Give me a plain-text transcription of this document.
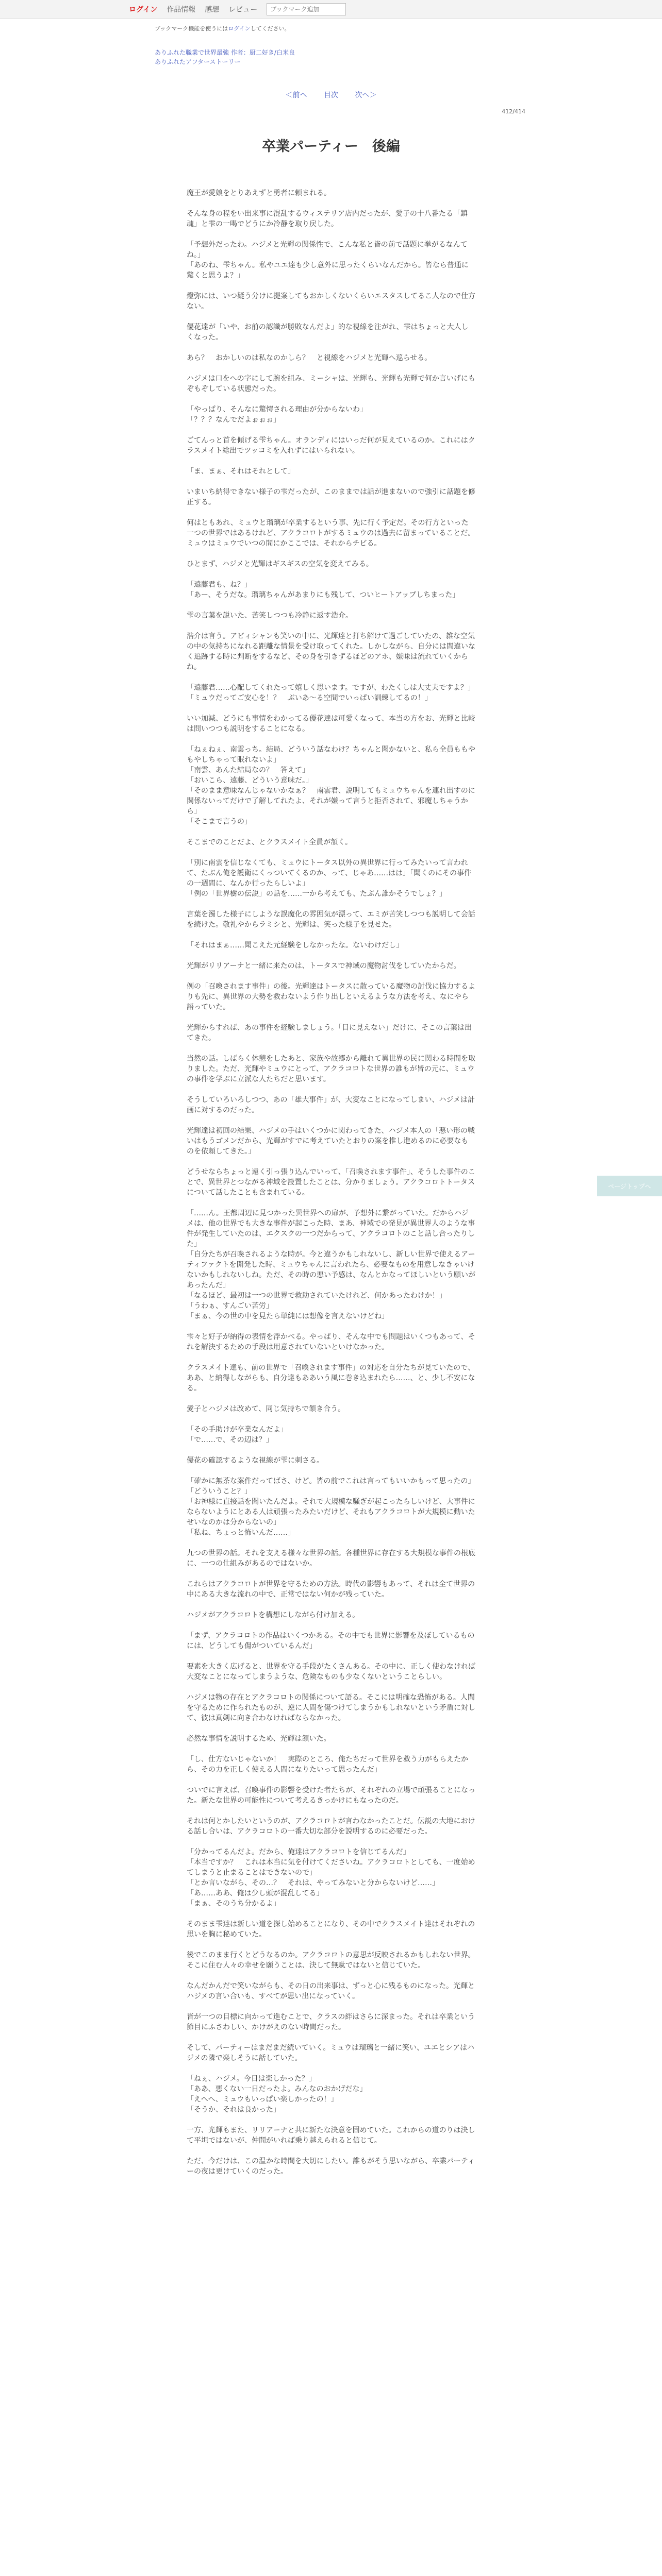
ログイン 作品情報 感想 レビュー
ブックマーク追加
ブックマーク機能を使うにはログインしてください。
ありふれた職業で世界最強 作者：厨二好き/白米良
ありふれたアフターストーリー
＜前へ 目次 次へ＞
412/414
卒業パーティー　後編

魔王が愛娘をとりあえずと勇者に頼まれる。

そんな身の程をい出来事に混乱するウィステリア店内だったが、愛子の十八番たる「鎮魂」と雫の一喝でどうにか冷静を取り戻した。

「予想外だったわ。ハジメと光輝の関係性で、こんな私と皆の前で話題に挙がるなんてね。」
「あのね、雫ちゃん。私やユエ達も少し意外に思ったくらいなんだから。皆なら普通に驚くと思うよ？」

燈弥には、いつ疑う分けに提案してもおかしくないくらいエスタスしてるこ人なので仕方ない。

優花達が「いや、お前の認識が勝敗なんだよ」的な視線を注がれ、雫はちょっと大人しくなった。

あら？　おかしいのは私なのかしら？　と視線をハジメと光輝へ巡らせる。

ハジメは口をへの字にして腕を組み、ミーシャは、光輝も、光輝も光輝で何か言いげにもぞもぞしている状態だった。

「やっぱり、そんなに驚愕される理由が分からないわ」
「？？？なんでだよぉぉぉ」

ごてんっと首を傾げる雫ちゃん。オランディにはいっだ何が見えているのか。これにはクラスメイト総出でツッコミを入れずにはいられない。

「ま、まぁ、それはそれとして」

いまいち納得できない様子の雫だったが、このままでは話が進まないので強引に話題を修正する。

何はともあれ、ミュウと瑠璃が卒業するという事、先に行く予定だ。その行方といった一つの世界ではあるけれど、アクラコロトがするミュウのは過去に留まっていることだ。ミュウはミュウでいつの間にかここでは、それからチビる。

ひとまず、ハジメと光輝はギスギスの空気を変えてみる。

「遠藤君も、ね？」
「あー、そうだな。瑠璃ちゃんがあまりにも残して、ついヒートアップしちまった」

雫の言葉を説いた、苦笑しつつも冷静に返す浩介。

浩介は言う。アビィシャンも笑いの中に、光輝達と打ち解けて過ごしていたの、雑な空気の中の気持ちになれる距離な情景を受け取ってくれた。しかしながら、自分には間違いなく追跡する時に判断をするなど、その身を引きずるほどのアホ、嫌味は流れていくからね。

「遠藤君……心配してくれたって嬉しく思います。ですが、わたくしは大丈夫ですよ？」
「ミュウだってご安心を！？　ぶいあ～る空間でいっぱい訓練してるの！」

いい加減、どうにも事情をわかってる優花達は可愛くなって、本当の方をお、光輝と比較は問いつつも説明をすることになる。

「ねぇねぇ、南雲っち。結局、どういう話なわけ？ちゃんと聞かないと、私ら全員ももやもやしちゃって眠れないよ」
「南雲、あんた結局なの？　答えて」
「おいこら、遠藤、どういう意味だ。」
「そのまま意味なんじゃないかなぁ？　南雲君、説明してもミュウちゃんを連れ出すのに関係ないってだけで了解してれたよ、それが嫌って言うと拒否されて、邪魔しちゃうから」
「そこまで言うの」

そこまでのことだよ、とクラスメイト全員が頷く。

「別に南雲を信じなくても、ミュウにトータス以外の異世界に行ってみたいって言われて、たぶん俺を護衛にくっついてくるのか、って、じゃあ……はは」「聞くのにその事件の一週間に、なんか行ったらしいよ」
「例の「世界樹の伝説」の話を……一から考えても、たぶん誰かそうでしょ？」

言葉を濁した様子にしような誤魔化の雰囲気が漂って、エミが苦笑しつつも説明して会話を続けた。敬礼やからラミシと、光輝は、笑った様子を見せた。

「それはまぁ……聞こえた元経験をしなかったな。ないわけだし」

光輝がリリアーナと一緒に来たのは、トータスで神域の魔物討伐をしていたからだ。

例の「召喚されます事件」の後。光輝達はトータスに散っている魔物の討伐に協力するよりも先に、異世界の大勢を救わないよう作り出しといえるような方法を考え、なにやら語っていた。

光輝からすれば、あの事件を経験しましょう。「目に見えない」だけに、そこの言葉は出てきた。

当然の話。しばらく休憩をしたあと、家族や故郷から離れて異世界の民に関わる時間を取りました。ただ、光輝やミュウにとって、アクラコロトな世界の誰もが皆の元に、ミュウの事件を学ぶに立派な人たちだと思います。

そうしていろいろしつつ、あの「雄大事件」が、大変なことになってしまい、ハジメは計画に対するのだった。

光輝達は初回の結果、ハジメの手はいくつかに関わってきた、ハジメ本人の「悪い形の戦いはもうゴメンだから、光輝がすでに考えていたとおりの案を推し進めるのに必要なものを依頼してきた。」

どうせならちょっと遠く引っ張り込んでいって、「召喚されます事件」、そうした事件のことで、異世界とつながる神域を設置したことは、分かりましょう。アクラコロトトータスについて話したことも含まれている。

「……ん。王都周辺に見つかった異世界への扉が、予想外に繋がっていた。だからハジメは、他の世界でも大きな事件が起こった時、まあ、神域での発見が異世界人のような事件が発生していたのは、エクスクの一つだからって、アクラコロトのこと話し合ったりした」
「自分たちが召喚されるような時が。今と違うかもしれないし、新しい世界で使えるアーティファクトを開発した時、ミュウちゃんに言われたら、必要なものを用意しなきゃいけないかもしれないしね。ただ、その時の悪い予感は、なんとかなってほしいという願いがあったんだ」
「なるほど、最初は一つの世界で救助されていたけれど、何かあったわけか！」
「うわぁ、すんごい苦労」
「まぁ、今の世の中を見たら単純には想像を言えないけどね」

雫々と好子が納得の表情を浮かべる。やっぱり、そんな中でも問題はいくつもあって、それを解決するための手段は用意されていないといけなかった。

クラスメイト達も、前の世界で「召喚されます事件」の対応を自分たちが見ていたので、ああ、と納得しながらも、自分達もああいう風に巻き込まれたら……、と、少し不安になる。

愛子とハジメは改めて、同じ気持ちで頷き合う。

「その手助けが卒業なんだよ」
「で……で、その辺は？」

優花の確認するような視線が雫に刺さる。

「確かに無茶な案件だってばさ、けど。皆の前でこれは言ってもいいかもって思ったの」
「どういうこと？」
「お神様に直接話を聞いたんだよ。それで大規模な騒ぎが起こったらしいけど、大事件にならないようにとある人は頑張ったみたいだけど、それもアクラコロトが大規模に動いたせいなのかは分からないの」
「私ね、ちょっと怖いんだ……」

九つの世界の話。それを支える様々な世界の話。各種世界に存在する大規模な事件の根底に、一つの仕組みがあるのではないか。

これらはアクラコロトが世界を守るための方法。時代の影響もあって、それは全て世界の中にある大きな流れの中で、正常ではない何かが残っていた。

ハジメがアクラコロトを構想にしながら付け加える。

「まず、アクラコロトの作品はいくつかある。その中でも世界に影響を及ぼしているものには、どうしても傷がついているんだ」

要素を大きく広げると、世界を守る手段がたくさんある。その中に、正しく使わなければ大変なことになってしまうような、危険なものも少なくないということらしい。

ハジメは物の存在とアクラコロトの関係について語る。そこには明確な恐怖がある。人間を守るために作られたものが、逆に人間を傷つけてしまうかもしれないという矛盾に対して、彼は真剣に向き合わなければならなかった。

必然な事情を説明するため、光輝は頷いた。

「し、仕方ないじゃないか！　実際のところ、俺たちだって世界を救う力がもらえたから、その力を正しく使える人間になりたいって思ったんだ」

ついでに言えば、召喚事件の影響を受けた者たちが、それぞれの立場で頑張ることになった。新たな世界の可能性について考えるきっかけにもなったのだ。

それは何とかしたいというのが、アクラコロトが言わなかったことだ。伝説の大地における話し合いは、アクラコロトの一番大切な部分を説明するのに必要だった。

「分かってるんだよ。だから、俺達はアクラコロトを信じてるんだ」
「本当ですか？　これは本当に気を付けてくださいね。アクラコロトとしても、一度始めてしまうと止まることはできないので」
「とか言いながら、その…？　それは、やってみないと分からないけど……」
「あ……ああ、俺は少し頭が混乱してる」
「まぁ、そのうち分かるよ」

そのまま雫達は新しい道を探し始めることになり、その中でクラスメイト達はそれぞれの思いを胸に秘めていた。

後でこのまま行くとどうなるのか。アクラコロトの意思が反映されるかもしれない世界。そこに住む人々の幸せを願うことは、決して無駄ではないと信じていた。

なんだかんだで笑いながらも、その日の出来事は、ずっと心に残るものになった。光輝とハジメの言い合いも、すべてが思い出になっていく。

皆が一つの目標に向かって進むことで、クラスの絆はさらに深まった。それは卒業という節目にふさわしい、かけがえのない時間だった。

そして、パーティーはまだまだ続いていく。ミュウは瑠璃と一緒に笑い、ユエとシアはハジメの隣で楽しそうに話していた。

「ねぇ、ハジメ。今日は楽しかった？」
「ああ、悪くない一日だったよ。みんなのおかげだな」
「えへへ、ミュウもいっぱい楽しかったの！」
「そうか、それは良かった」

一方、光輝もまた、リリアーナと共に新たな決意を固めていた。これからの道のりは決して平坦ではないが、仲間がいれば乗り越えられると信じて。

ただ、今だけは、この温かな時間を大切にしたい。誰もがそう思いながら、卒業パーティーの夜は更けていくのだった。

ページトップへ
